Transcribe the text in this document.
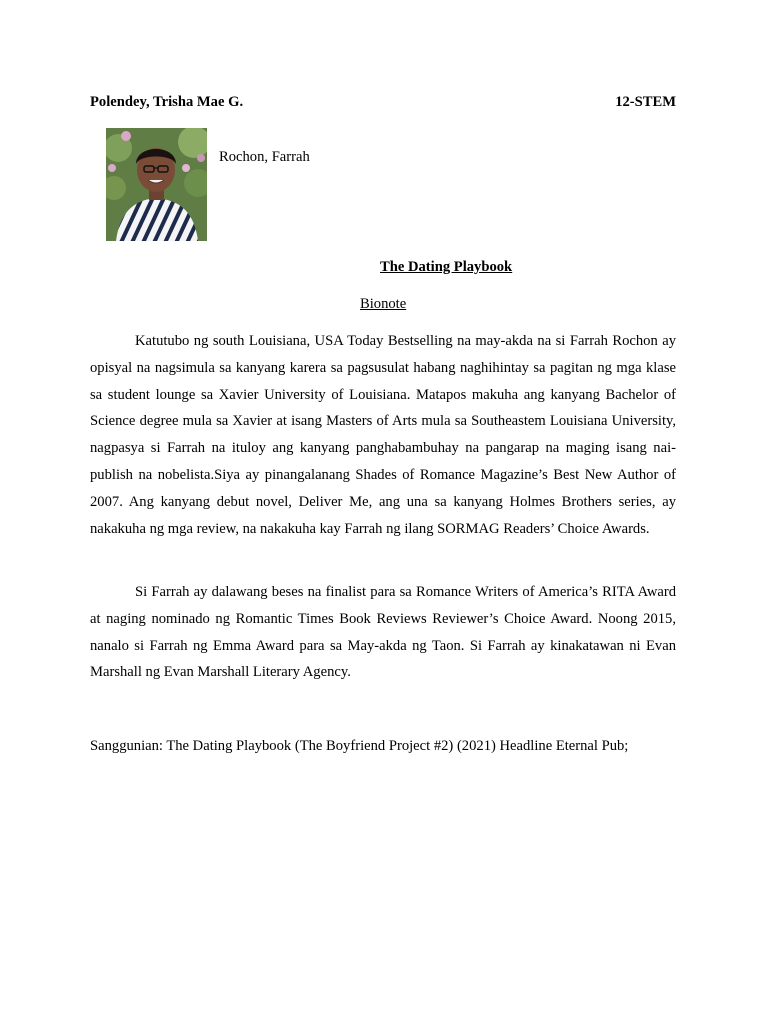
Polendey, Trisha Mae G.	12-STEM
Rochon, Farrah
The Dating Playbook
Bionote

Katutubo ng south Louisiana, USA Today Bestselling na may-akda na si Farrah Rochon ay opisyal na nagsimula sa kanyang karera sa pagsusulat habang naghihintay sa pagitan ng mga klase sa student lounge sa Xavier University of Louisiana. Matapos makuha ang kanyang Bachelor of Science degree mula sa Xavier at isang Masters of Arts mula sa Southeastem Louisiana University, nagpasya si Farrah na ituloy ang kanyang panghabambuhay na pangarap na maging isang nai-publish na nobelista.Siya ay pinangalanang Shades of Romance Magazine’s Best New Author of 2007. Ang kanyang debut novel, Deliver Me, ang una sa kanyang Holmes Brothers series, ay nakakuha ng mga review, na nakakuha kay Farrah ng ilang SORMAG Readers’ Choice Awards.

Si Farrah ay dalawang beses na finalist para sa Romance Writers of America’s RITA Award at naging nominado ng Romantic Times Book Reviews Reviewer’s Choice Award. Noong 2015, nanalo si Farrah ng Emma Award para sa May-akda ng Taon. Si Farrah ay kinakatawan ni Evan Marshall ng Evan Marshall Literary Agency.

Sanggunian: The Dating Playbook (The Boyfriend Project #2) (2021) Headline Eternal Pub;
